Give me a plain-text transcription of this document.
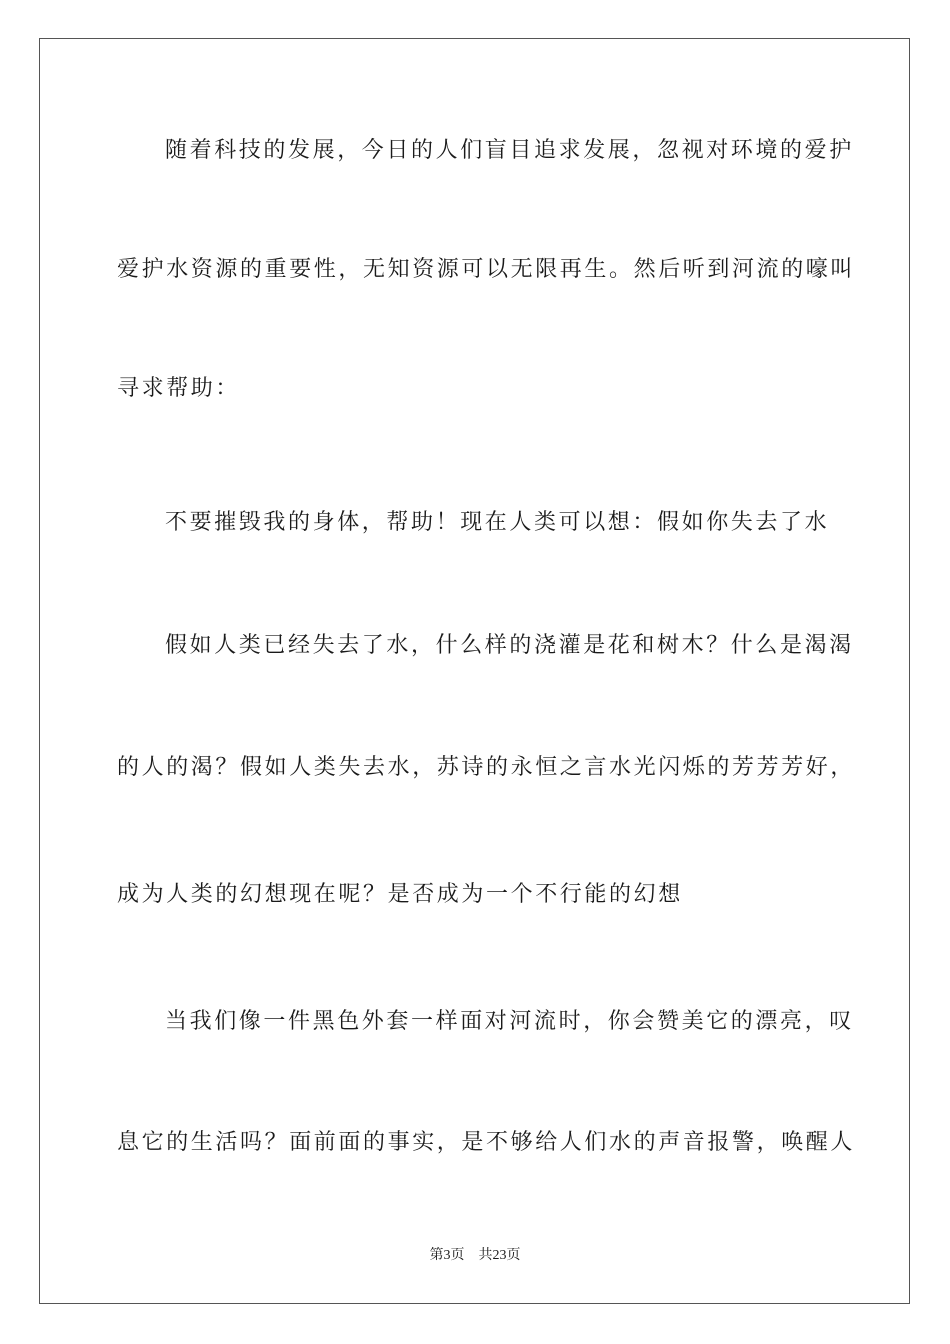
随着科技的发展，今日的人们盲目追求发展，忽视对环境的爱护
爱护水资源的重要性，无知资源可以无限再生。然后听到河流的嚎叫
寻求帮助：
不要摧毁我的身体，帮助！现在人类可以想：假如你失去了水
假如人类已经失去了水，什么样的浇灌是花和树木？什么是渴渴
的人的渴？假如人类失去水，苏诗的永恒之言水光闪烁的芳芳芳好，
成为人类的幻想现在呢？是否成为一个不行能的幻想
当我们像一件黑色外套一样面对河流时，你会赞美它的漂亮，叹
息它的生活吗？面前面的事实，是不够给人们水的声音报警，唤醒人
第3页 共23页
